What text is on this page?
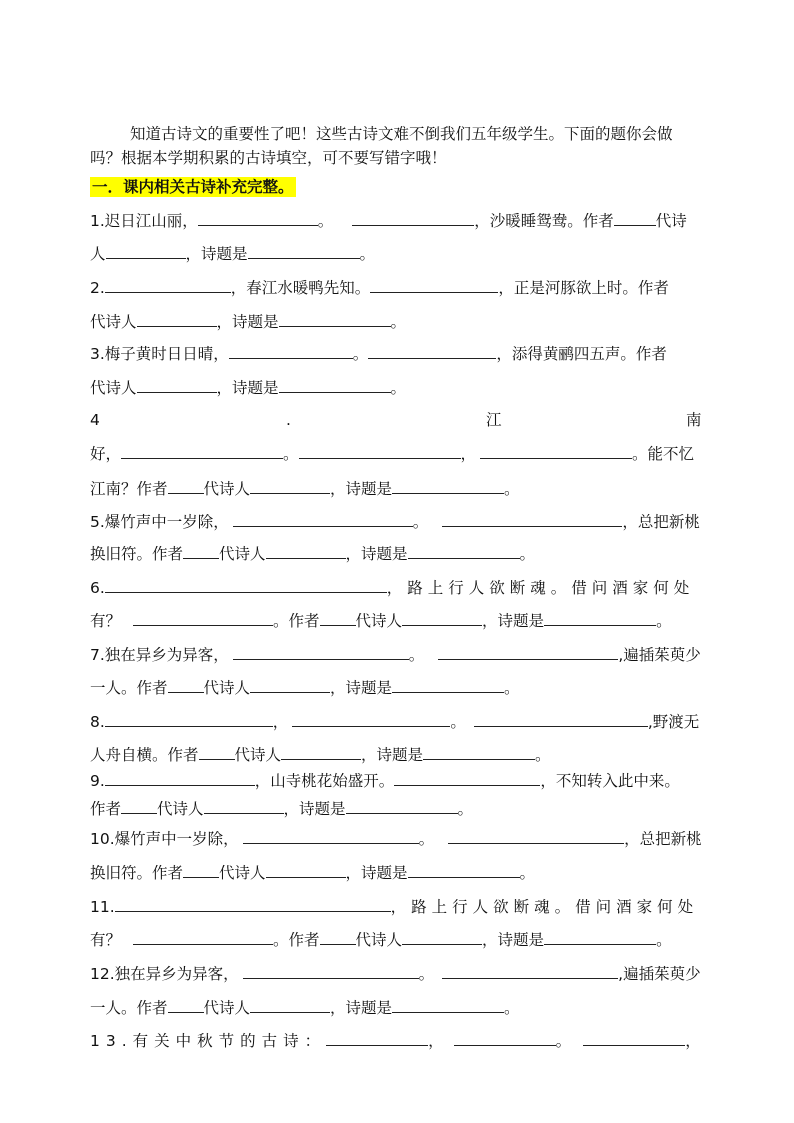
知道古诗文的重要性了吧！这些古诗文难不倒我们五年级学生。下面的题你会做
吗？根据本学期积累的古诗填空，可不要写错字哦！
一．课内相关古诗补充完整。
1.迟日江山丽，	。	，沙暖睡鸳鸯。作者	代诗
人	，诗题是	。
2.	，春江水暖鸭先知。	，正是河豚欲上时。作者
代诗人	，诗题是	。
3.梅子黄时日日晴，	。	，添得黄鹂四五声。作者
代诗人	，诗题是	。
4	.	江	南
好，	。	，	。能不忆
江南？作者 代诗人	，诗题是	。
5.爆竹声中一岁除，	。	，总把新桃
换旧符。作者 代诗人	，诗题是	。
6.	，路上行人欲断魂。借问酒家何处
有？	。作者 代诗人	，诗题是	。
7.独在异乡为异客，	。	,遍插茱萸少
一人。作者 代诗人	，诗题是	。
8.	，	。	,野渡无
人舟自横。作者 代诗人	，诗题是	。
9.	，山寺桃花始盛开。	，不知转入此中来。
作者 代诗人	，诗题是	。
10.爆竹声中一岁除，	。	，总把新桃
换旧符。作者 代诗人	，诗题是	。
11.	，路上行人欲断魂。借问酒家何处
有？	。作者 代诗人	，诗题是	。
12.独在异乡为异客，	。	,遍插茱萸少
一人。作者 代诗人	，诗题是	。
13.有关中秋节的古诗：	，	。	，
